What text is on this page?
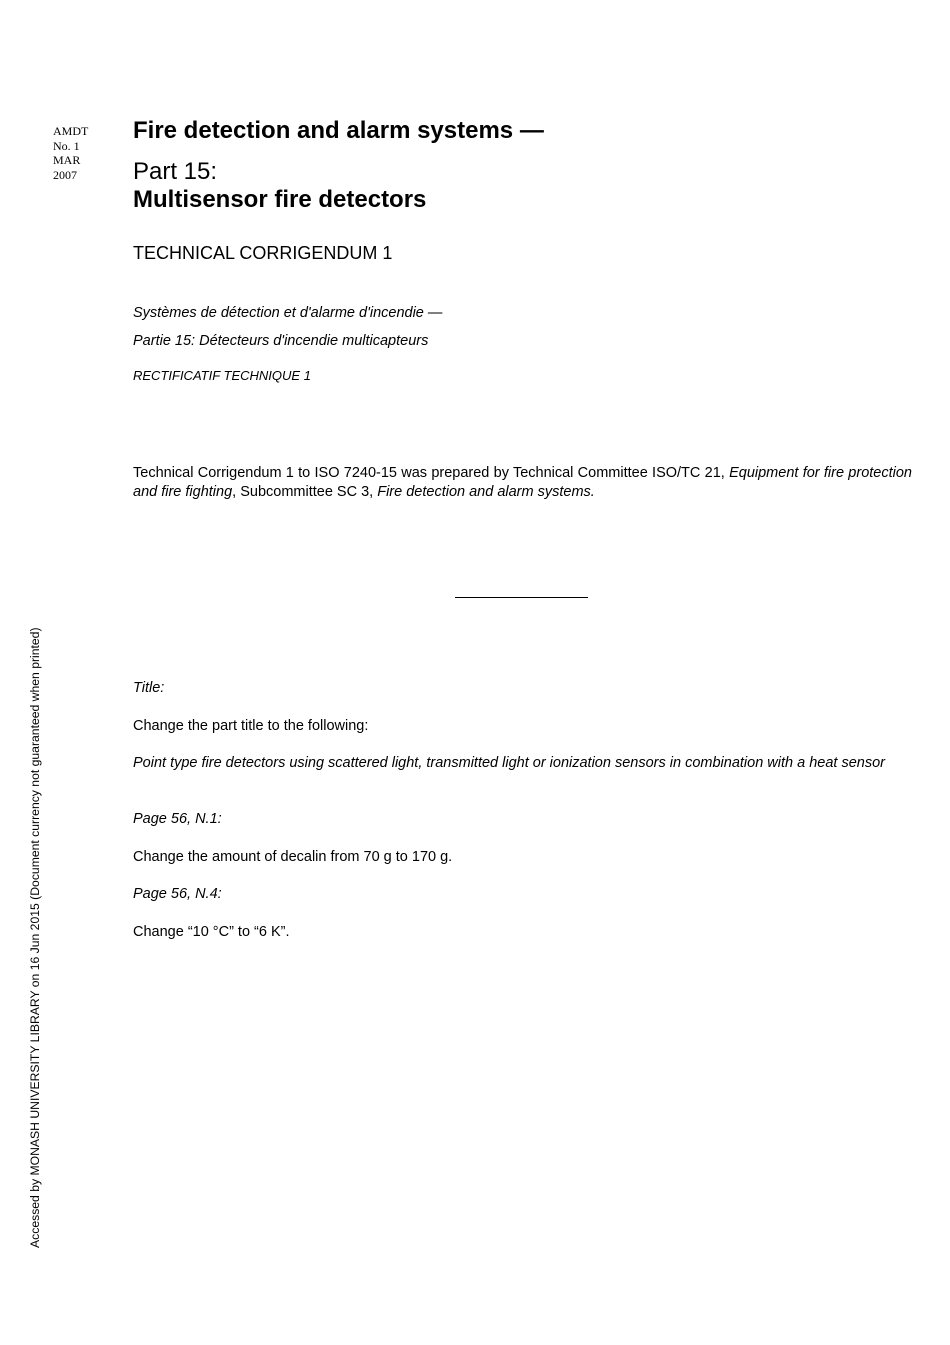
AMDT
No. 1
MAR
2007
Fire detection and alarm systems —
Part 15:
Multisensor fire detectors
TECHNICAL CORRIGENDUM 1
Systèmes de détection et d'alarme d'incendie —
Partie 15: Détecteurs d'incendie multicapteurs
RECTIFICATIF TECHNIQUE 1
Technical Corrigendum 1 to ISO 7240-15 was prepared by Technical Committee ISO/TC 21, Equipment for fire protection and fire fighting, Subcommittee SC 3, Fire detection and alarm systems.
Title:
Change the part title to the following:
Point type fire detectors using scattered light, transmitted light or ionization sensors in combination with a heat sensor
Page 56, N.1:
Change the amount of decalin from 70 g to 170 g.
Page 56, N.4:
Change “10 °C” to “6 K”.
Accessed by MONASH UNIVERSITY LIBRARY on 16 Jun 2015 (Document currency not guaranteed when printed)
